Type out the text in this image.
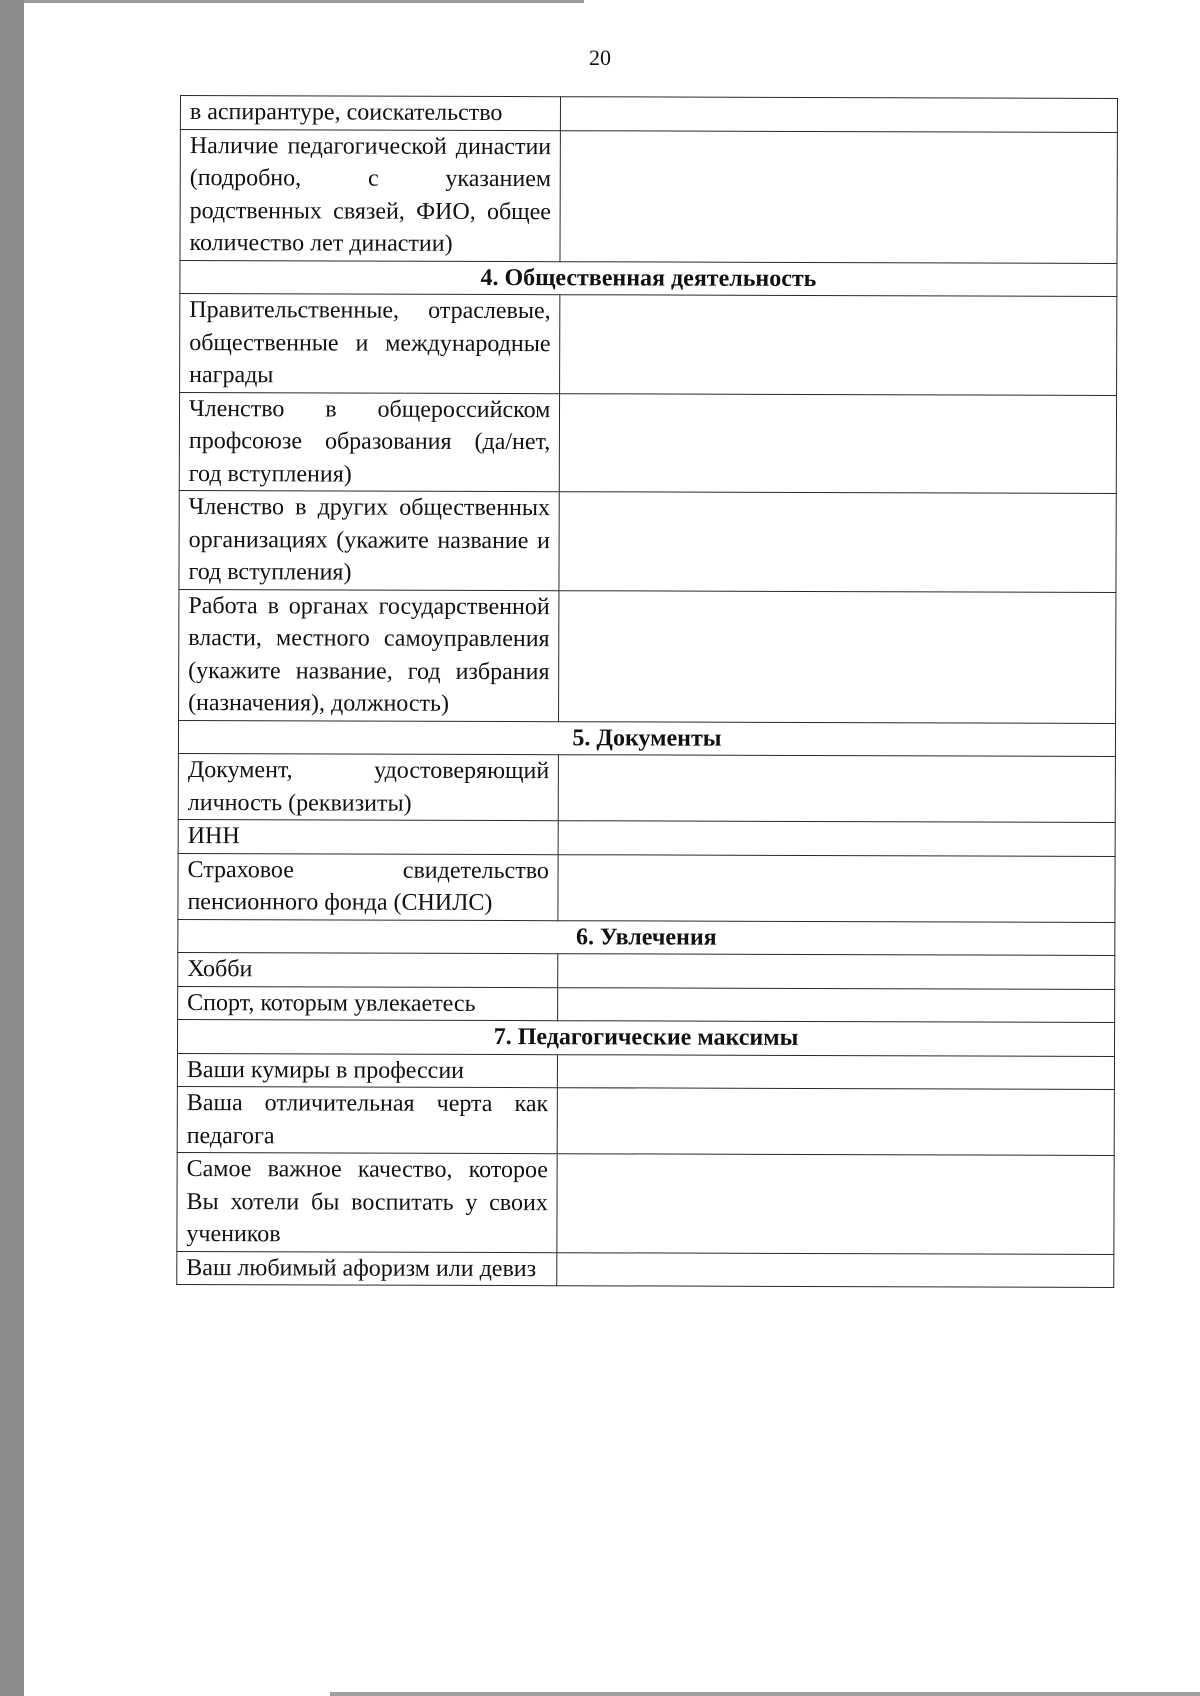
20
в аспирантуре, соискательство	
Наличие педагогической династии (подробно, с указанием родственных связей, ФИО, общее количество лет династии)	
4. Общественная деятельность	
Правительственные, отраслевые, общественные и международные награды	
Членство в общероссийском профсоюзе образования (да/нет, год вступления)	
Членство в других общественных организациях (укажите название и год вступления)	
Работа в органах государственной власти, местного самоуправления (укажите название, год избрания (назначения), должность)	
5. Документы	
Документ, удостоверяющий личность (реквизиты)	
ИНН	
Страховое свидетельство пенсионного фонда (СНИЛС)	
6. Увлечения	
Хобби	
Спорт, которым увлекаетесь	
7. Педагогические максимы	
Ваши кумиры в профессии	
Ваша отличительная черта как педагога	
Самое важное качество, которое Вы хотели бы воспитать у своих учеников	
Ваш любимый афоризм или девиз	
